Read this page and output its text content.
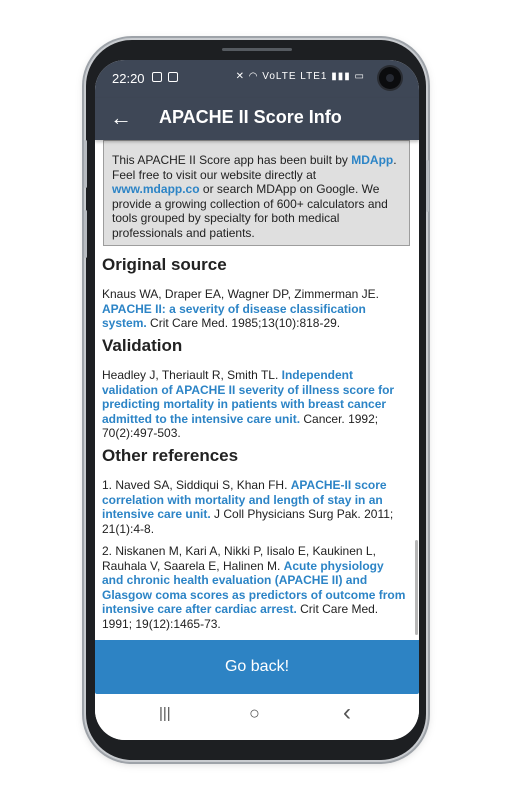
22:20	✕ ◠ VoLTE LTE1 ▮▮▮ ▭
← APACHE II Score Info
This APACHE II Score app has been built by MDApp. Feel free to visit our website directly at www.mdapp.co or search MDApp on Google. We provide a growing collection of 600+ calculators and tools grouped by specialty for both medical professionals and patients.
Original source
Knaus WA, Draper EA, Wagner DP, Zimmerman JE. APACHE II: a severity of disease classification system. Crit Care Med. 1985;13(10):818-29.
Validation
Headley J, Theriault R, Smith TL. Independent validation of APACHE II severity of illness score for predicting mortality in patients with breast cancer admitted to the intensive care unit. Cancer. 1992; 70(2):497-503.
Other references
1. Naved SA, Siddiqui S, Khan FH. APACHE-II score correlation with mortality and length of stay in an intensive care unit. J Coll Physicians Surg Pak. 2011; 21(1):4-8.
2. Niskanen M, Kari A, Nikki P, Iisalo E, Kaukinen L, Rauhala V, Saarela E, Halinen M. Acute physiology and chronic health evaluation (APACHE II) and Glasgow coma scores as predictors of outcome from intensive care after cardiac arrest. Crit Care Med. 1991; 19(12):1465-73.
Go back!
|||	○	‹
